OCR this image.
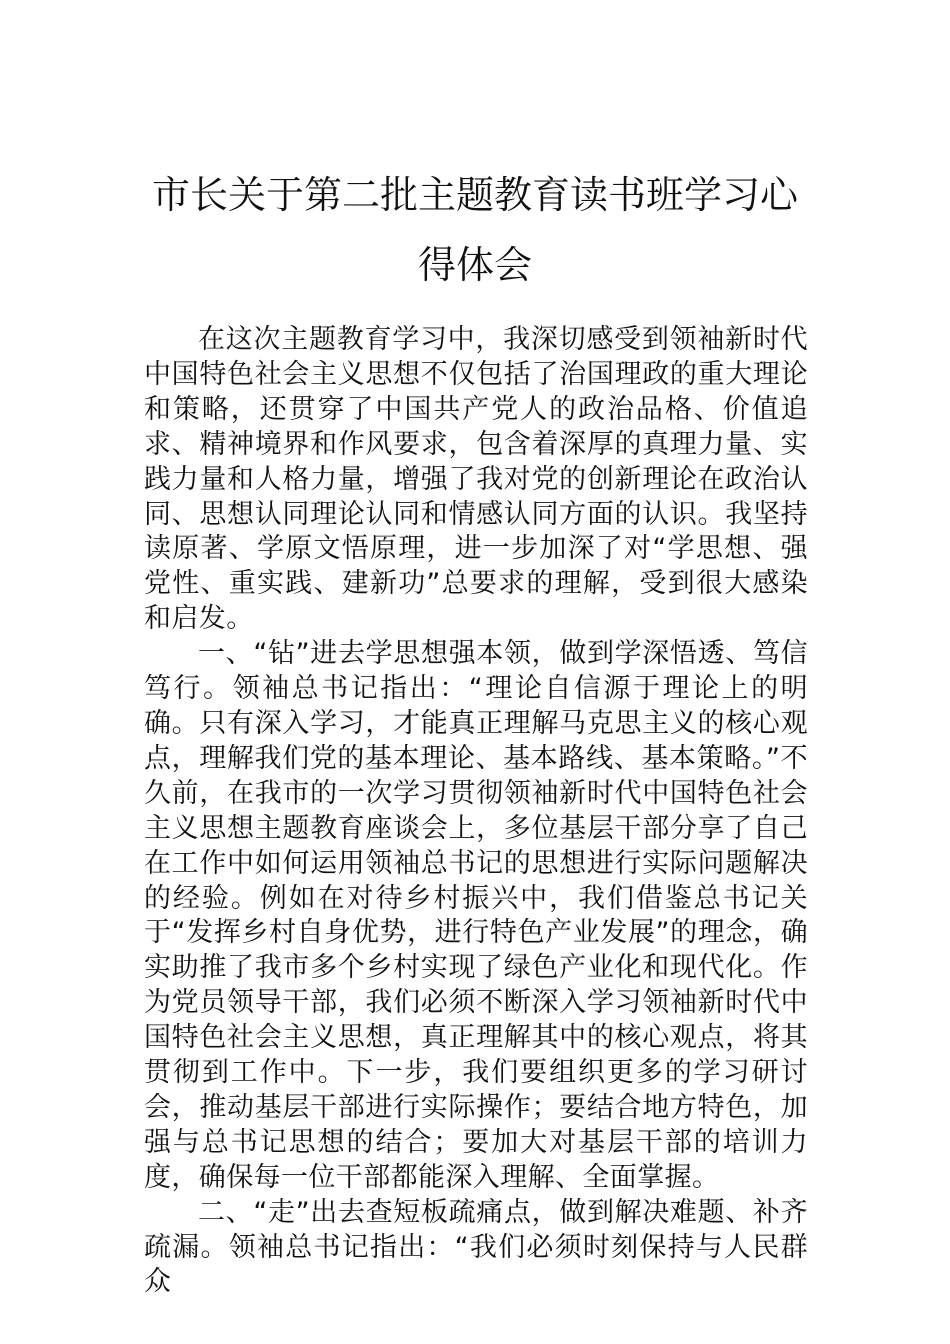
市长关于第二批主题教育读书班学习心得体会

在这次主题教育学习中，我深切感受到领袖新时代中国特色社会主义思想不仅包括了治国理政的重大理论和策略，还贯穿了中国共产党人的政治品格、价值追求、精神境界和作风要求，包含着深厚的真理力量、实践力量和人格力量，增强了我对党的创新理论在政治认同、思想认同理论认同和情感认同方面的认识。我坚持读原著、学原文悟原理，进一步加深了对“学思想、强党性、重实践、建新功”总要求的理解，受到很大感染和启发。

一、“钻”进去学思想强本领，做到学深悟透、笃信笃行。领袖总书记指出：“理论自信源于理论上的明确。只有深入学习，才能真正理解马克思主义的核心观点，理解我们党的基本理论、基本路线、基本策略。”不久前，在我市的一次学习贯彻领袖新时代中国特色社会主义思想主题教育座谈会上，多位基层干部分享了自己在工作中如何运用领袖总书记的思想进行实际问题解决的经验。例如在对待乡村振兴中，我们借鉴总书记关于“发挥乡村自身优势，进行特色产业发展”的理念，确实助推了我市多个乡村实现了绿色产业化和现代化。作为党员领导干部，我们必须不断深入学习领袖新时代中国特色社会主义思想，真正理解其中的核心观点，将其贯彻到工作中。下一步，我们要组织更多的学习研讨会，推动基层干部进行实际操作；要结合地方特色，加强与总书记思想的结合；要加大对基层干部的培训力度，确保每一位干部都能深入理解、全面掌握。

二、“走”出去查短板疏痛点，做到解决难题、补齐疏漏。领袖总书记指出：“我们必须时刻保持与人民群众
